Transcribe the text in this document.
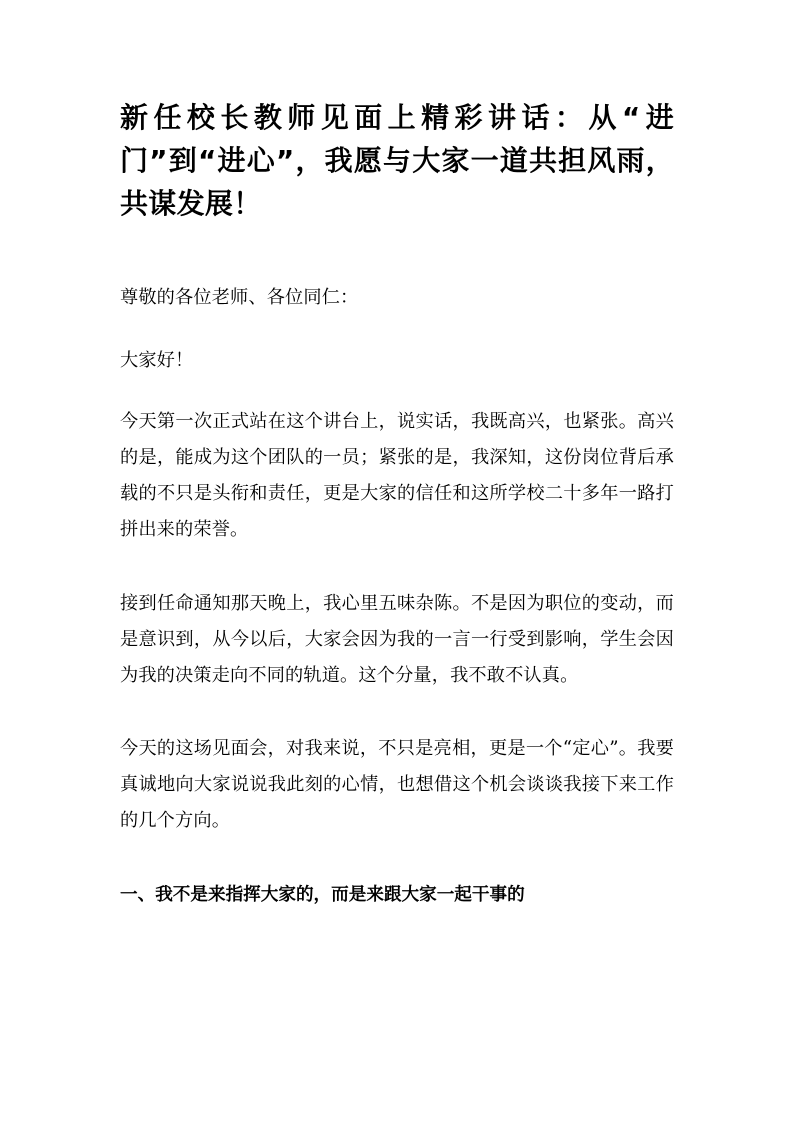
新任校长教师见面上精彩讲话：从“进门”到“进心”，我愿与大家一道共担风雨，共谋发展！

尊敬的各位老师、各位同仁：

大家好！

今天第一次正式站在这个讲台上，说实话，我既高兴，也紧张。高兴的是，能成为这个团队的一员；紧张的是，我深知，这份岗位背后承载的不只是头衔和责任，更是大家的信任和这所学校二十多年一路打拼出来的荣誉。

接到任命通知那天晚上，我心里五味杂陈。不是因为职位的变动，而是意识到，从今以后，大家会因为我的一言一行受到影响，学生会因为我的决策走向不同的轨道。这个分量，我不敢不认真。

今天的这场见面会，对我来说，不只是亮相，更是一个“定心”。我要真诚地向大家说说我此刻的心情，也想借这个机会谈谈我接下来工作的几个方向。

一、我不是来指挥大家的，而是来跟大家一起干事的
